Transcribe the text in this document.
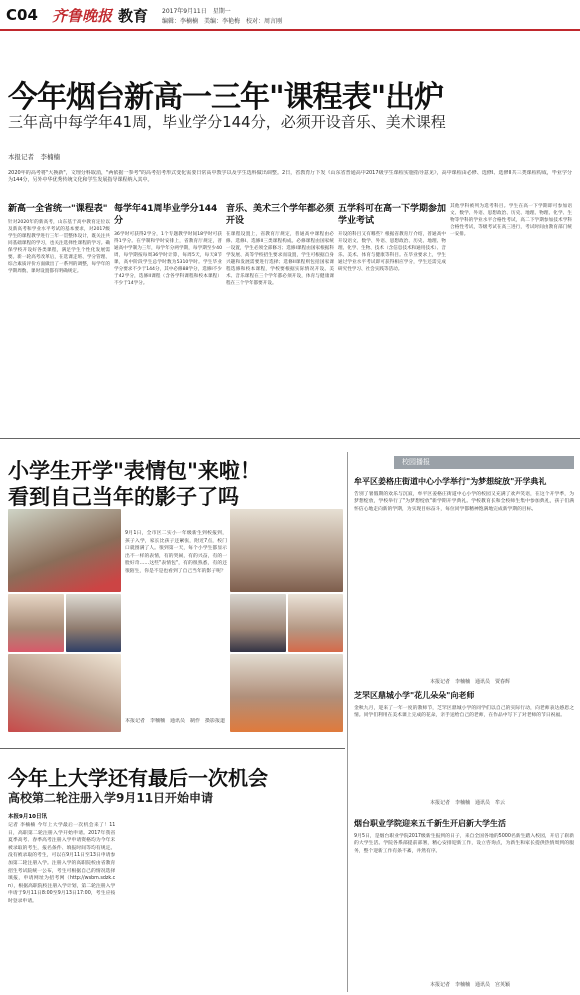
C04 齐鲁晚报 教育 2017年9月11日　星期一
编辑：李楠楠　美编：李艳梅　校对：周言刚
今年烟台新高一三年"课程表"出炉
三年高中每学年41周，毕业学分144分，必须开设音乐、美术课程
本报记者　李楠楠
2020年的高考将"大换新"，文理分科取消，"两依据一参考"的高考招考形式变化需要日常高中教学以及学生选科做出调整。2日，省教育厅下发《山东省普通高中2017级学生课程实施指导意见》，高中课程由必修、选修I、选修II共三类课程构成，毕业学分为144分，另外中华优秀传统文化和学生发展指导课程纳入其中。
新高一全省统一"课程表"
针对2020年的新高考，山东基于高中教育定位以及新高考和学业水平考试的基本要求，对2017级学生的课程教学进行三年一贯整体设计，既关注共同基础课程的学习，也关注选择性课程的学习。确保学校开设好各类课程，满足学生个性化发展需要。新一轮高考改革后，在选课走班、学分管理、综合素质评价方面做出了一系列的调整，每学年的学期周数、课时设置都有明确规定。
每学年41周毕业学分144分
36学时可获得2学分，1个专题教学时间18学时可获得1学分。在学制和学时安排上，省教育厅规定，普通高中学制为三年，每学年分两学期，每学期至少40周，每学期按每周36学时计算，每周5天，每天8节课，高中阶段学生总学时数为5310学时。学生毕业学分要求不少于144分，其中必修88学分，选修I不少于42学分，选修II课程（含各学科课程和校本课程）不少于14学分。
音乐、美术三个学年都必须开设
在课程设置上，省教育厅规定，普通高中课程由必修、选修I、选修II三类课程构成。必修课程由国家统一设置，学生必须全部修习；选修I课程由国家根据科学发展、高等学校招生要求而设置，学生可根据自身兴趣和发展需要进行选择；选修II课程则包括国家课程选修和校本课程，学校要根据实际情况开设。美术、音乐课程在三个学年都必须开设，体育与健康课程在三个学年都要开设。
五学科可在高一下学期参加学业考试
开设的科目又有哪些？根据省教育厅介绍，普通高中开设语文、数学、外语、思想政治、历史、地理、物理、化学、生物、技术（含信息技术和通用技术）、音乐、美术、体育与健康等科目。在毕业要求上，学生通过学业水平考试即可获得相应学分，学生还需完成研究性学习、社会实践等活动。
其他学科被列为选考科目。学生在高一下学期即可参加语文、数学、外语、思想政治、历史、地理、物理、化学、生物等学科的学业水平合格性考试，高二下学期参加技术学科合格性考试，等级考试在高三进行，考试时间由教育部门统一安排。
小学生开学"表情包"来啦！
看到自己当年的影子了吗
9月1日，全市区二实小一年级新生到校报到，孩子入学，家长比孩子还紧张，附近7点，校门口就围满了人。很到第一天，每个小学生都显示出不一样的表情，有的哭闹，有的兴奋，有的一脸好奇……这些"表情包"，有的很熟悉，有的还很陌生，你是不是也看到了自己当年的影子呢？
本报记者　李楠楠　通讯员　制作　摄影报道
今年上大学还有最后一次机会
高校第二轮注册入学9月11日开始申请
本报9月10日讯
记者 李楠楠 今年上大学最后一次机会来了！11日，高职第二轮注册入学开始申请。2017年我省夏季高考、春季高考注册入学申请资格均为今年未被录取的考生，报名条件、填报时间等均有规定。没有被录取的考生，可以在9月11日至13日申请参加第二轮注册入学。注册入学的高职院校由省教育招生考试院统一公布，考生可根据自己的情况选择填报，申请网址为招考网（http://wsbm.sdzk.cn），根据高职院校注册入学计划，第二轮注册入学申请于9月11日8:00至9月13日17:00，考生应按时登录申请。
校园播报
牟平区姜格庄街道中心小学举行"为梦想绽放"开学典礼
告别了暑假期的欢乐与沉寂，牟平区姜格庄街道中心小学的校园又充满了欢声笑语，在这个开学季，为梦想绽放，学校举行了"为梦想绽放"新学期开学典礼。学校教育长和全校师生集中参加典礼，孩子们满怀信心地走向新的学期，为实现目标奋斗，每位同学都精神饱满地完成新学期的目标。
本报记者　李楠楠　通讯员　贾春辉
芝罘区鼎城小学"花儿朵朵"向老师
金秋九月，迎来了一年一度的教师节，芝罘区鼎城小学的同学们以自己的实际行动，向老师表达感恩之情。同学们利用在美术课上完成的花朵，亲手送给自己的老师，在作品中写下了对老师的节日祝福。
本报记者　李楠楠　通讯员　牟云
烟台职业学院迎来五千新生开启新大学生活
9月5日，是烟台职业学院2017级新生报到的日子，来自全国各地的5000名新生踏入校园，开启了崭新的大学生活。学院各系部提前部署，精心安排迎新工作，设立咨询点，为新生和家长提供热情周到的服务，整个迎新工作有条不紊，井然有序。
本报记者　李楠楠　通讯员　宫英颖
